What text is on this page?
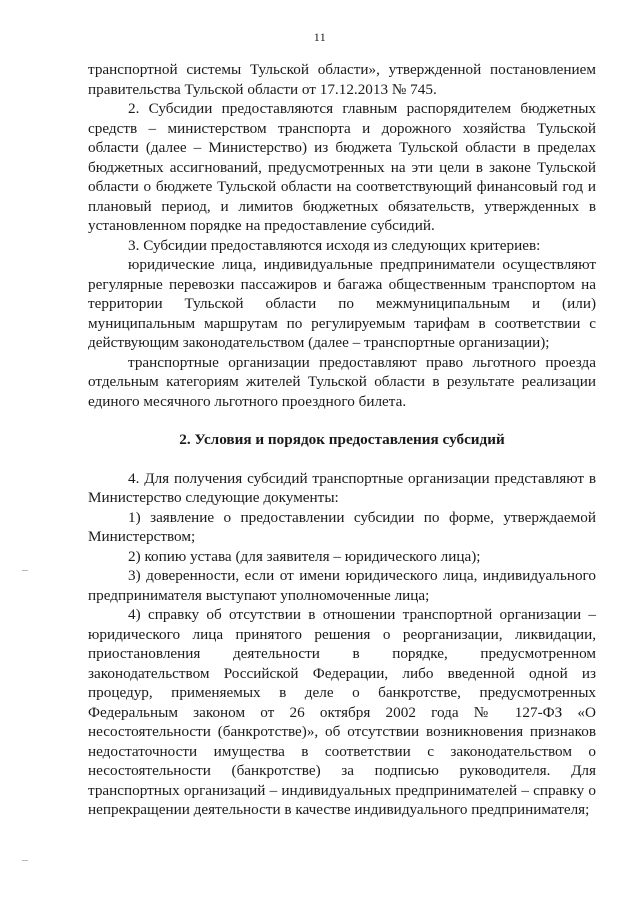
11

транспортной системы Тульской области», утвержденной постановлением правительства Тульской области от 17.12.2013 № 745.

2. Субсидии предоставляются главным распорядителем бюджетных средств – министерством транспорта и дорожного хозяйства Тульской области (далее – Министерство) из бюджета Тульской области в пределах бюджетных ассигнований, предусмотренных на эти цели в законе Тульской области о бюджете Тульской области на соответствующий финансовый год и плановый период, и лимитов бюджетных обязательств, утвержденных в установленном порядке на предоставление субсидий.

3. Субсидии предоставляются исходя из следующих критериев:

юридические лица, индивидуальные предприниматели осуществляют регулярные перевозки пассажиров и багажа общественным транспортом на территории Тульской области по межмуниципальным и (или) муниципальным маршрутам по регулируемым тарифам в соответствии с действующим законодательством (далее – транспортные организации);

транспортные организации предоставляют право льготного проезда отдельным категориям жителей Тульской области в результате реализации единого месячного льготного проездного билета.

2. Условия и порядок предоставления субсидий

4. Для получения субсидий транспортные организации представляют в Министерство следующие документы:

1) заявление о предоставлении субсидии по форме, утверждаемой Министерством;

2) копию устава (для заявителя – юридического лица);

3) доверенности, если от имени юридического лица, индивидуального предпринимателя выступают уполномоченные лица;

4) справку об отсутствии в отношении транспортной организации – юридического лица принятого решения о реорганизации, ликвидации, приостановления деятельности в порядке, предусмотренном законодательством Российской Федерации, либо введенной одной из процедур, применяемых в деле о банкротстве, предусмотренных Федеральным законом от 26 октября 2002 года № 127-ФЗ «О несостоятельности (банкротстве)», об отсутствии возникновения признаков недостаточности имущества в соответствии с законодательством о несостоятельности (банкротстве) за подписью руководителя. Для транспортных организаций – индивидуальных предпринимателей – справку о непрекращении деятельности в качестве индивидуального предпринимателя;
